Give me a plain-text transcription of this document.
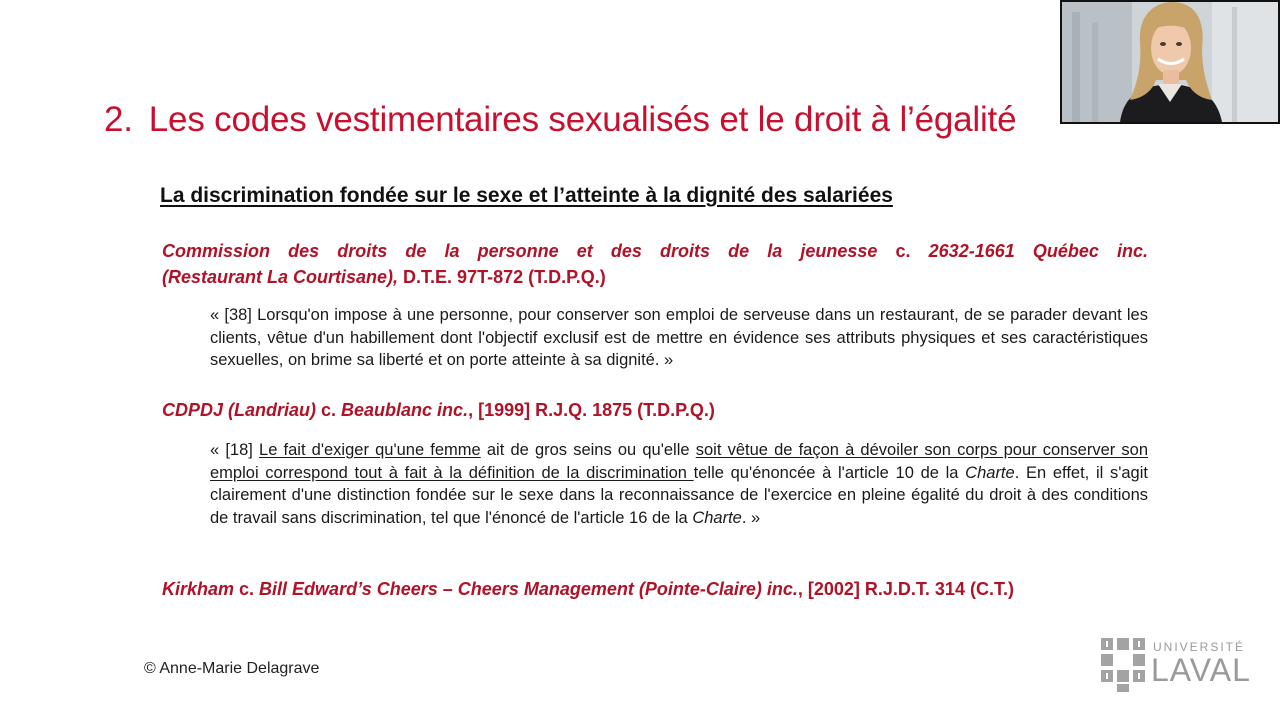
2. Les codes vestimentaires sexualisés et le droit à l’égalité
La discrimination fondée sur le sexe et l’atteinte à la dignité des salariées
Commission des droits de la personne et des droits de la jeunesse c. 2632-1661 Québec inc.
(Restaurant La Courtisane), D.T.E. 97T-872 (T.D.P.Q.)
« [38] Lorsqu'on impose à une personne, pour conserver son emploi de serveuse dans un restaurant, de se parader devant les clients, vêtue d'un habillement dont l'objectif exclusif est de mettre en évidence ses attributs physiques et ses caractéristiques sexuelles, on brime sa liberté et on porte atteinte à sa dignité. »
CDPDJ (Landriau) c. Beaublanc inc., [1999] R.J.Q. 1875 (T.D.P.Q.)
« [18] Le fait d'exiger qu'une femme ait de gros seins ou qu'elle soit vêtue de façon à dévoiler son corps pour conserver son emploi correspond tout à fait à la définition de la discrimination telle qu'énoncée à l'article 10 de la Charte. En effet, il s'agit clairement d'une distinction fondée sur le sexe dans la reconnaissance de l'exercice en pleine égalité du droit à des conditions de travail sans discrimination, tel que l'énoncé de l'article 16 de la Charte. »
Kirkham c. Bill Edward’s Cheers – Cheers Management (Pointe-Claire) inc., [2002] R.J.D.T. 314 (C.T.)
© Anne-Marie Delagrave
UNIVERSITÉ
LAVAL
